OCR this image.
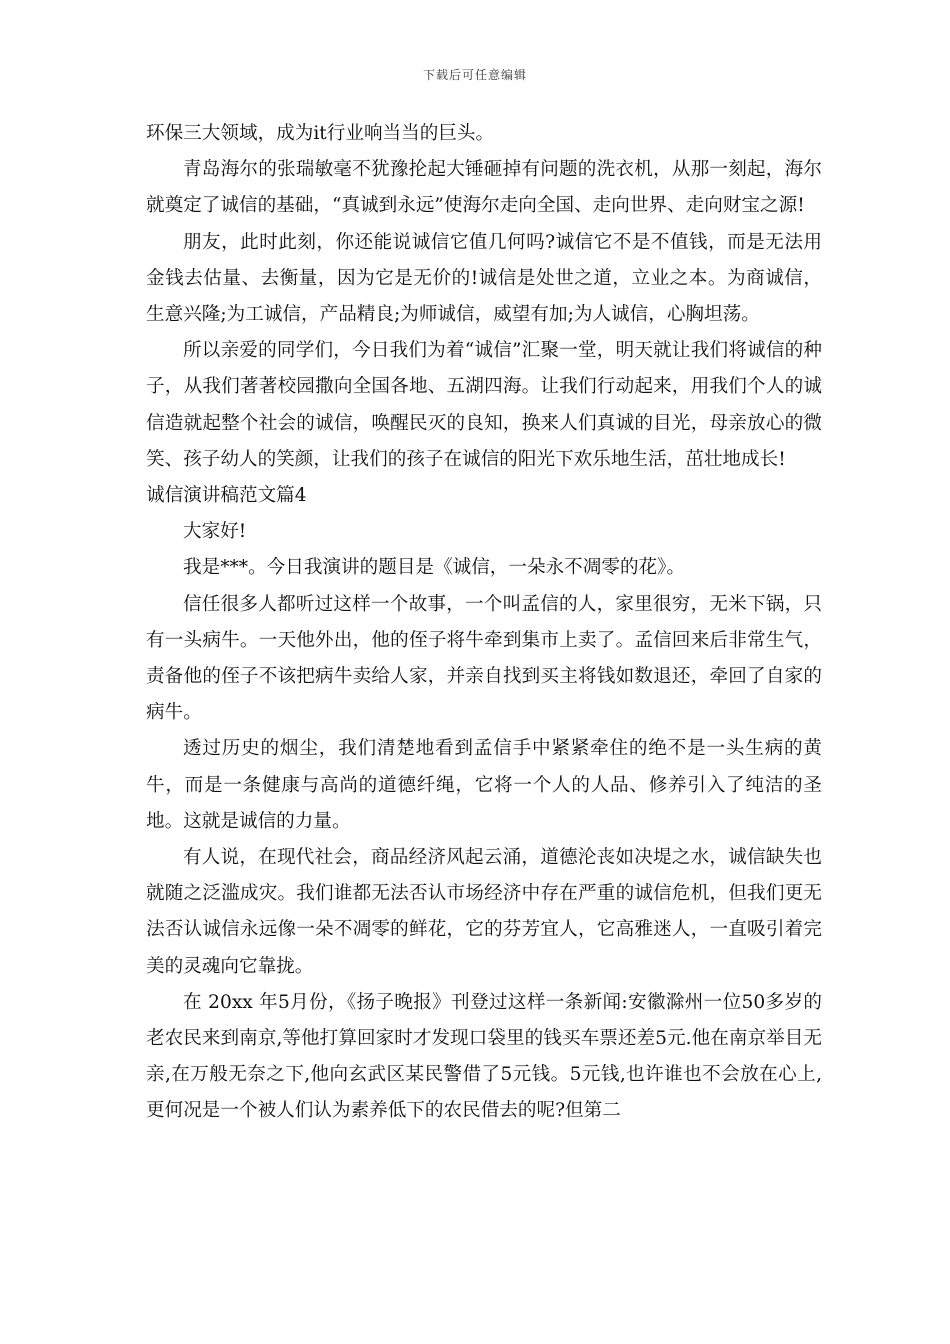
下载后可任意编辑

环保三大领域，成为it行业响当当的巨头。

青岛海尔的张瑞敏毫不犹豫抡起大锤砸掉有问题的洗衣机，从那一刻起，海尔就奠定了诚信的基础，“真诚到永远”使海尔走向全国、走向世界、走向财宝之源!

朋友，此时此刻，你还能说诚信它值几何吗?诚信它不是不值钱，而是无法用金钱去估量、去衡量，因为它是无价的!诚信是处世之道，立业之本。为商诚信，生意兴隆;为工诚信，产品精良;为师诚信，威望有加;为人诚信，心胸坦荡。

所以亲爱的同学们，今日我们为着“诚信”汇聚一堂，明天就让我们将诚信的种子，从我们著著校园撒向全国各地、五湖四海。让我们行动起来，用我们个人的诚信造就起整个社会的诚信，唤醒民灭的良知，换来人们真诚的目光，母亲放心的微笑、孩子幼人的笑颜，让我们的孩子在诚信的阳光下欢乐地生活，茁壮地成长!

诚信演讲稿范文篇4

大家好!

我是***。今日我演讲的题目是《诚信，一朵永不凋零的花》。

信任很多人都听过这样一个故事，一个叫孟信的人，家里很穷，无米下锅，只有一头病牛。一天他外出，他的侄子将牛牵到集市上卖了。孟信回来后非常生气，责备他的侄子不该把病牛卖给人家，并亲自找到买主将钱如数退还，牵回了自家的病牛。

透过历史的烟尘，我们清楚地看到孟信手中紧紧牵住的绝不是一头生病的黄牛，而是一条健康与高尚的道德纤绳，它将一个人的人品、修养引入了纯洁的圣地。这就是诚信的力量。

有人说，在现代社会，商品经济风起云涌，道德沦丧如决堤之水，诚信缺失也就随之泛滥成灾。我们谁都无法否认市场经济中存在严重的诚信危机，但我们更无法否认诚信永远像一朵不凋零的鲜花，它的芬芳宜人，它高雅迷人，一直吸引着完美的灵魂向它靠拢。

在 20xx 年5月份，《扬子晚报》刊登过这样一条新闻:安徽滁州一位50多岁的老农民来到南京,等他打算回家时才发现口袋里的钱买车票还差5元.他在南京举目无亲,在万般无奈之下,他向玄武区某民警借了5元钱。5元钱,也许谁也不会放在心上,更何况是一个被人们认为素养低下的农民借去的呢?但第二
